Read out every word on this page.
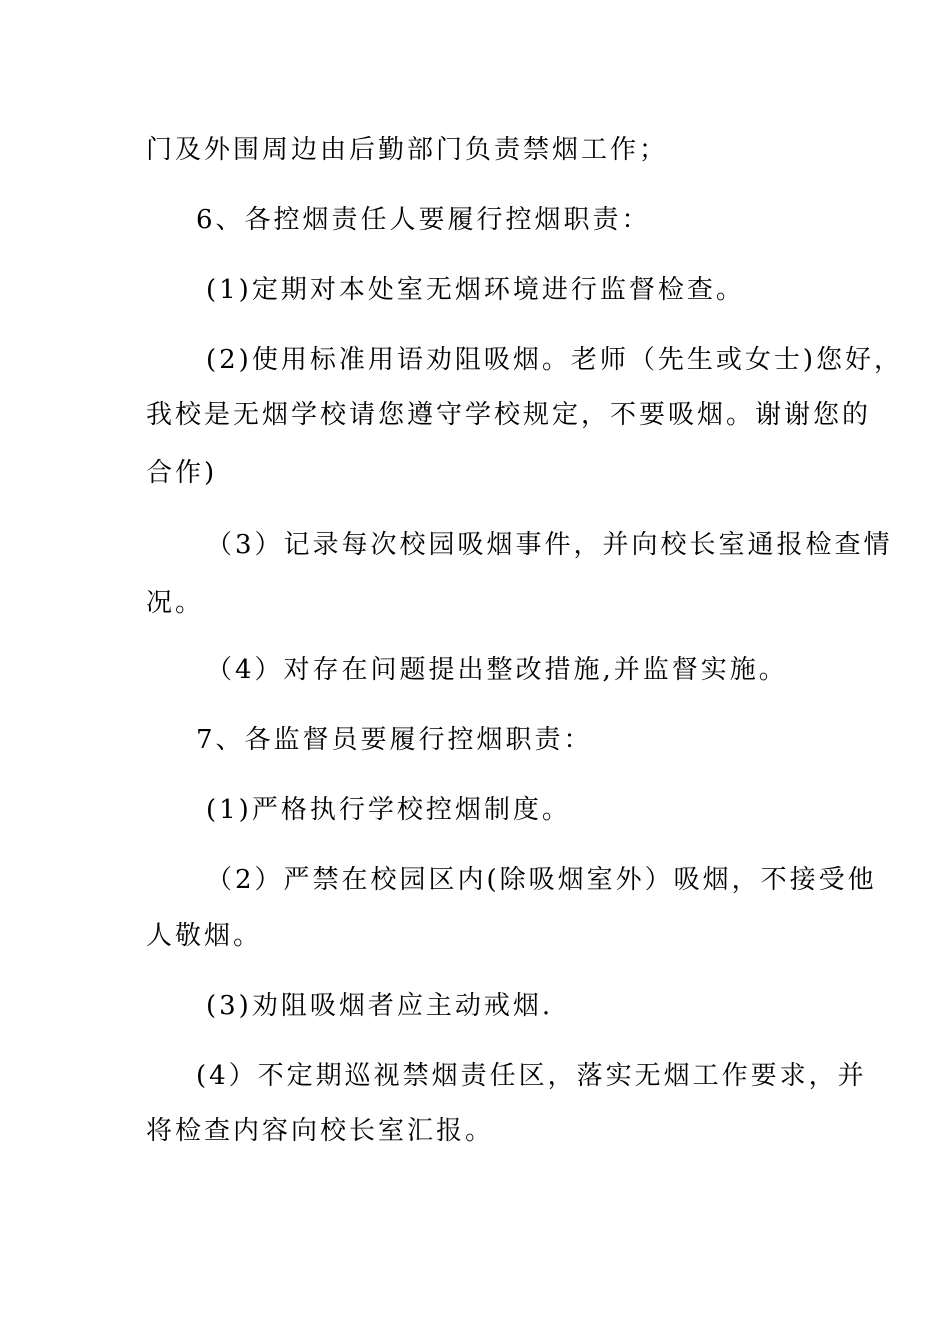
门及外围周边由后勤部门负责禁烟工作；
6、各控烟责任人要履行控烟职责：
(1)定期对本处室无烟环境进行监督检查。
(2)使用标准用语劝阻吸烟。老师（先生或女士)您好，
我校是无烟学校请您遵守学校规定，不要吸烟。谢谢您的
合作)
（3）记录每次校园吸烟事件，并向校长室通报检查情
况。
（4）对存在问题提出整改措施,并监督实施。
7、各监督员要履行控烟职责：
(1)严格执行学校控烟制度。
（2）严禁在校园区内(除吸烟室外）吸烟，不接受他
人敬烟。
(3)劝阻吸烟者应主动戒烟.
(4）不定期巡视禁烟责任区，落实无烟工作要求，并
将检查内容向校长室汇报。
